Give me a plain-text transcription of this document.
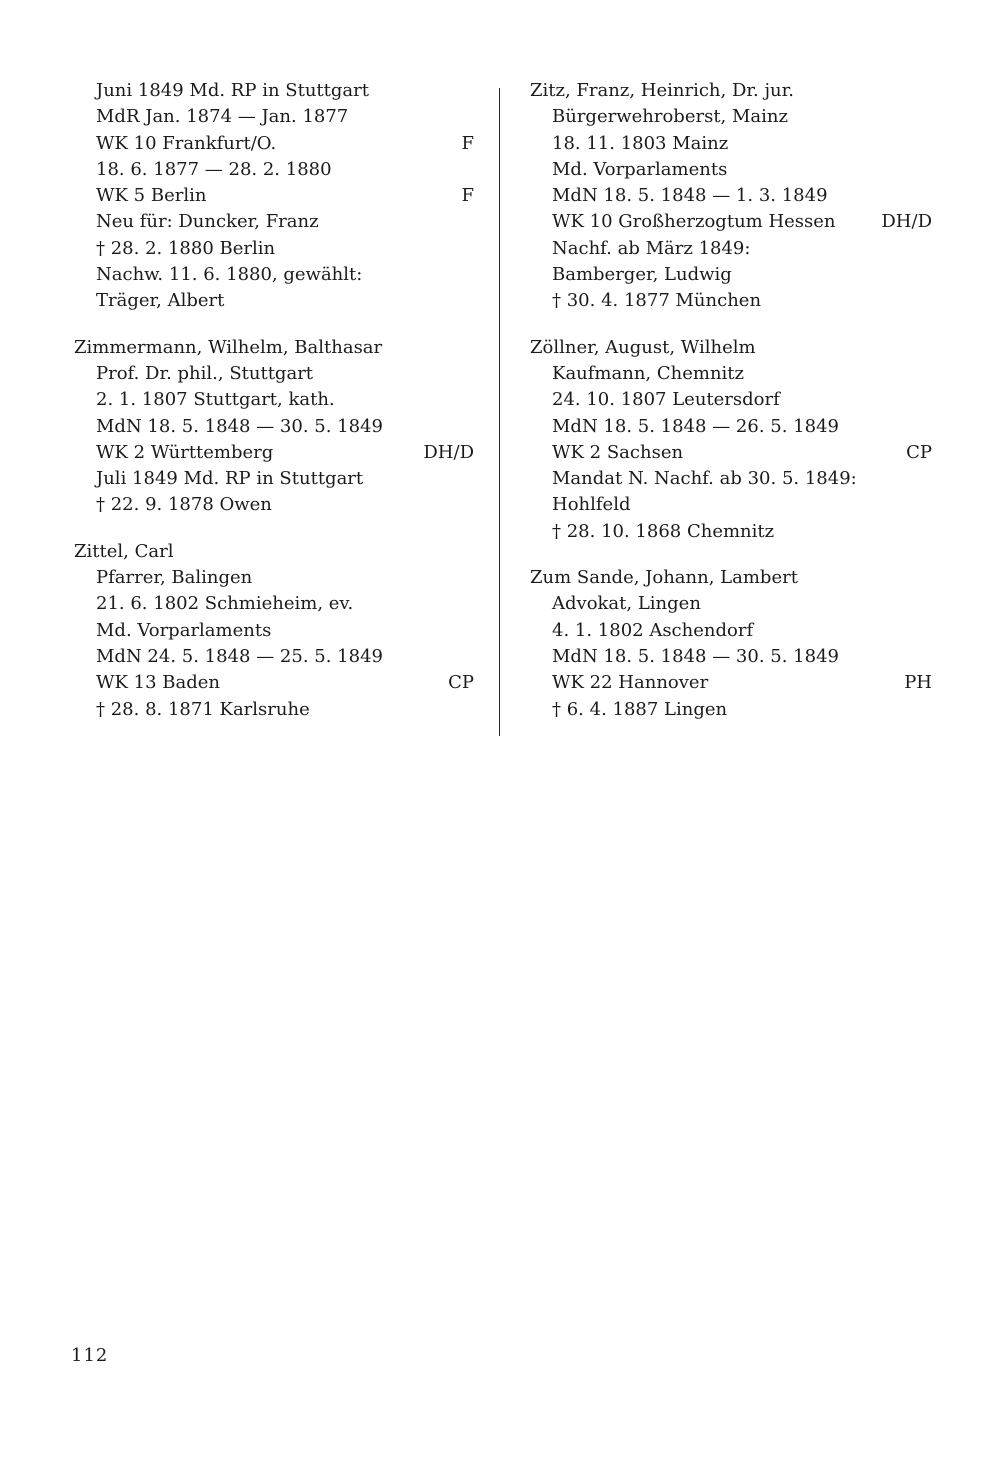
Juni 1849 Md. RP in Stuttgart
MdR Jan. 1874 — Jan. 1877
WK 10 Frankfurt/O.	F
18. 6. 1877 — 28. 2. 1880
WK 5 Berlin	F
Neu für: Duncker, Franz
† 28. 2. 1880 Berlin
Nachw. 11. 6. 1880, gewählt:
Träger, Albert
Zimmermann, Wilhelm, Balthasar
Prof. Dr. phil., Stuttgart
2. 1. 1807 Stuttgart, kath.
MdN 18. 5. 1848 — 30. 5. 1849
WK 2 Württemberg	DH/D
Juli 1849 Md. RP in Stuttgart
† 22. 9. 1878 Owen
Zittel, Carl
Pfarrer, Balingen
21. 6. 1802 Schmieheim, ev.
Md. Vorparlaments
MdN 24. 5. 1848 — 25. 5. 1849
WK 13 Baden	CP
† 28. 8. 1871 Karlsruhe
Zitz, Franz, Heinrich, Dr. jur.
Bürgerwehroberst, Mainz
18. 11. 1803 Mainz
Md. Vorparlaments
MdN 18. 5. 1848 — 1. 3. 1849
WK 10 Großherzogtum Hessen	DH/D
Nachf. ab März 1849:
Bamberger, Ludwig
† 30. 4. 1877 München
Zöllner, August, Wilhelm
Kaufmann, Chemnitz
24. 10. 1807 Leutersdorf
MdN 18. 5. 1848 — 26. 5. 1849
WK 2 Sachsen	CP
Mandat N. Nachf. ab 30. 5. 1849:
Hohlfeld
† 28. 10. 1868 Chemnitz
Zum Sande, Johann, Lambert
Advokat, Lingen
4. 1. 1802 Aschendorf
MdN 18. 5. 1848 — 30. 5. 1849
WK 22 Hannover	PH
† 6. 4. 1887 Lingen
112
